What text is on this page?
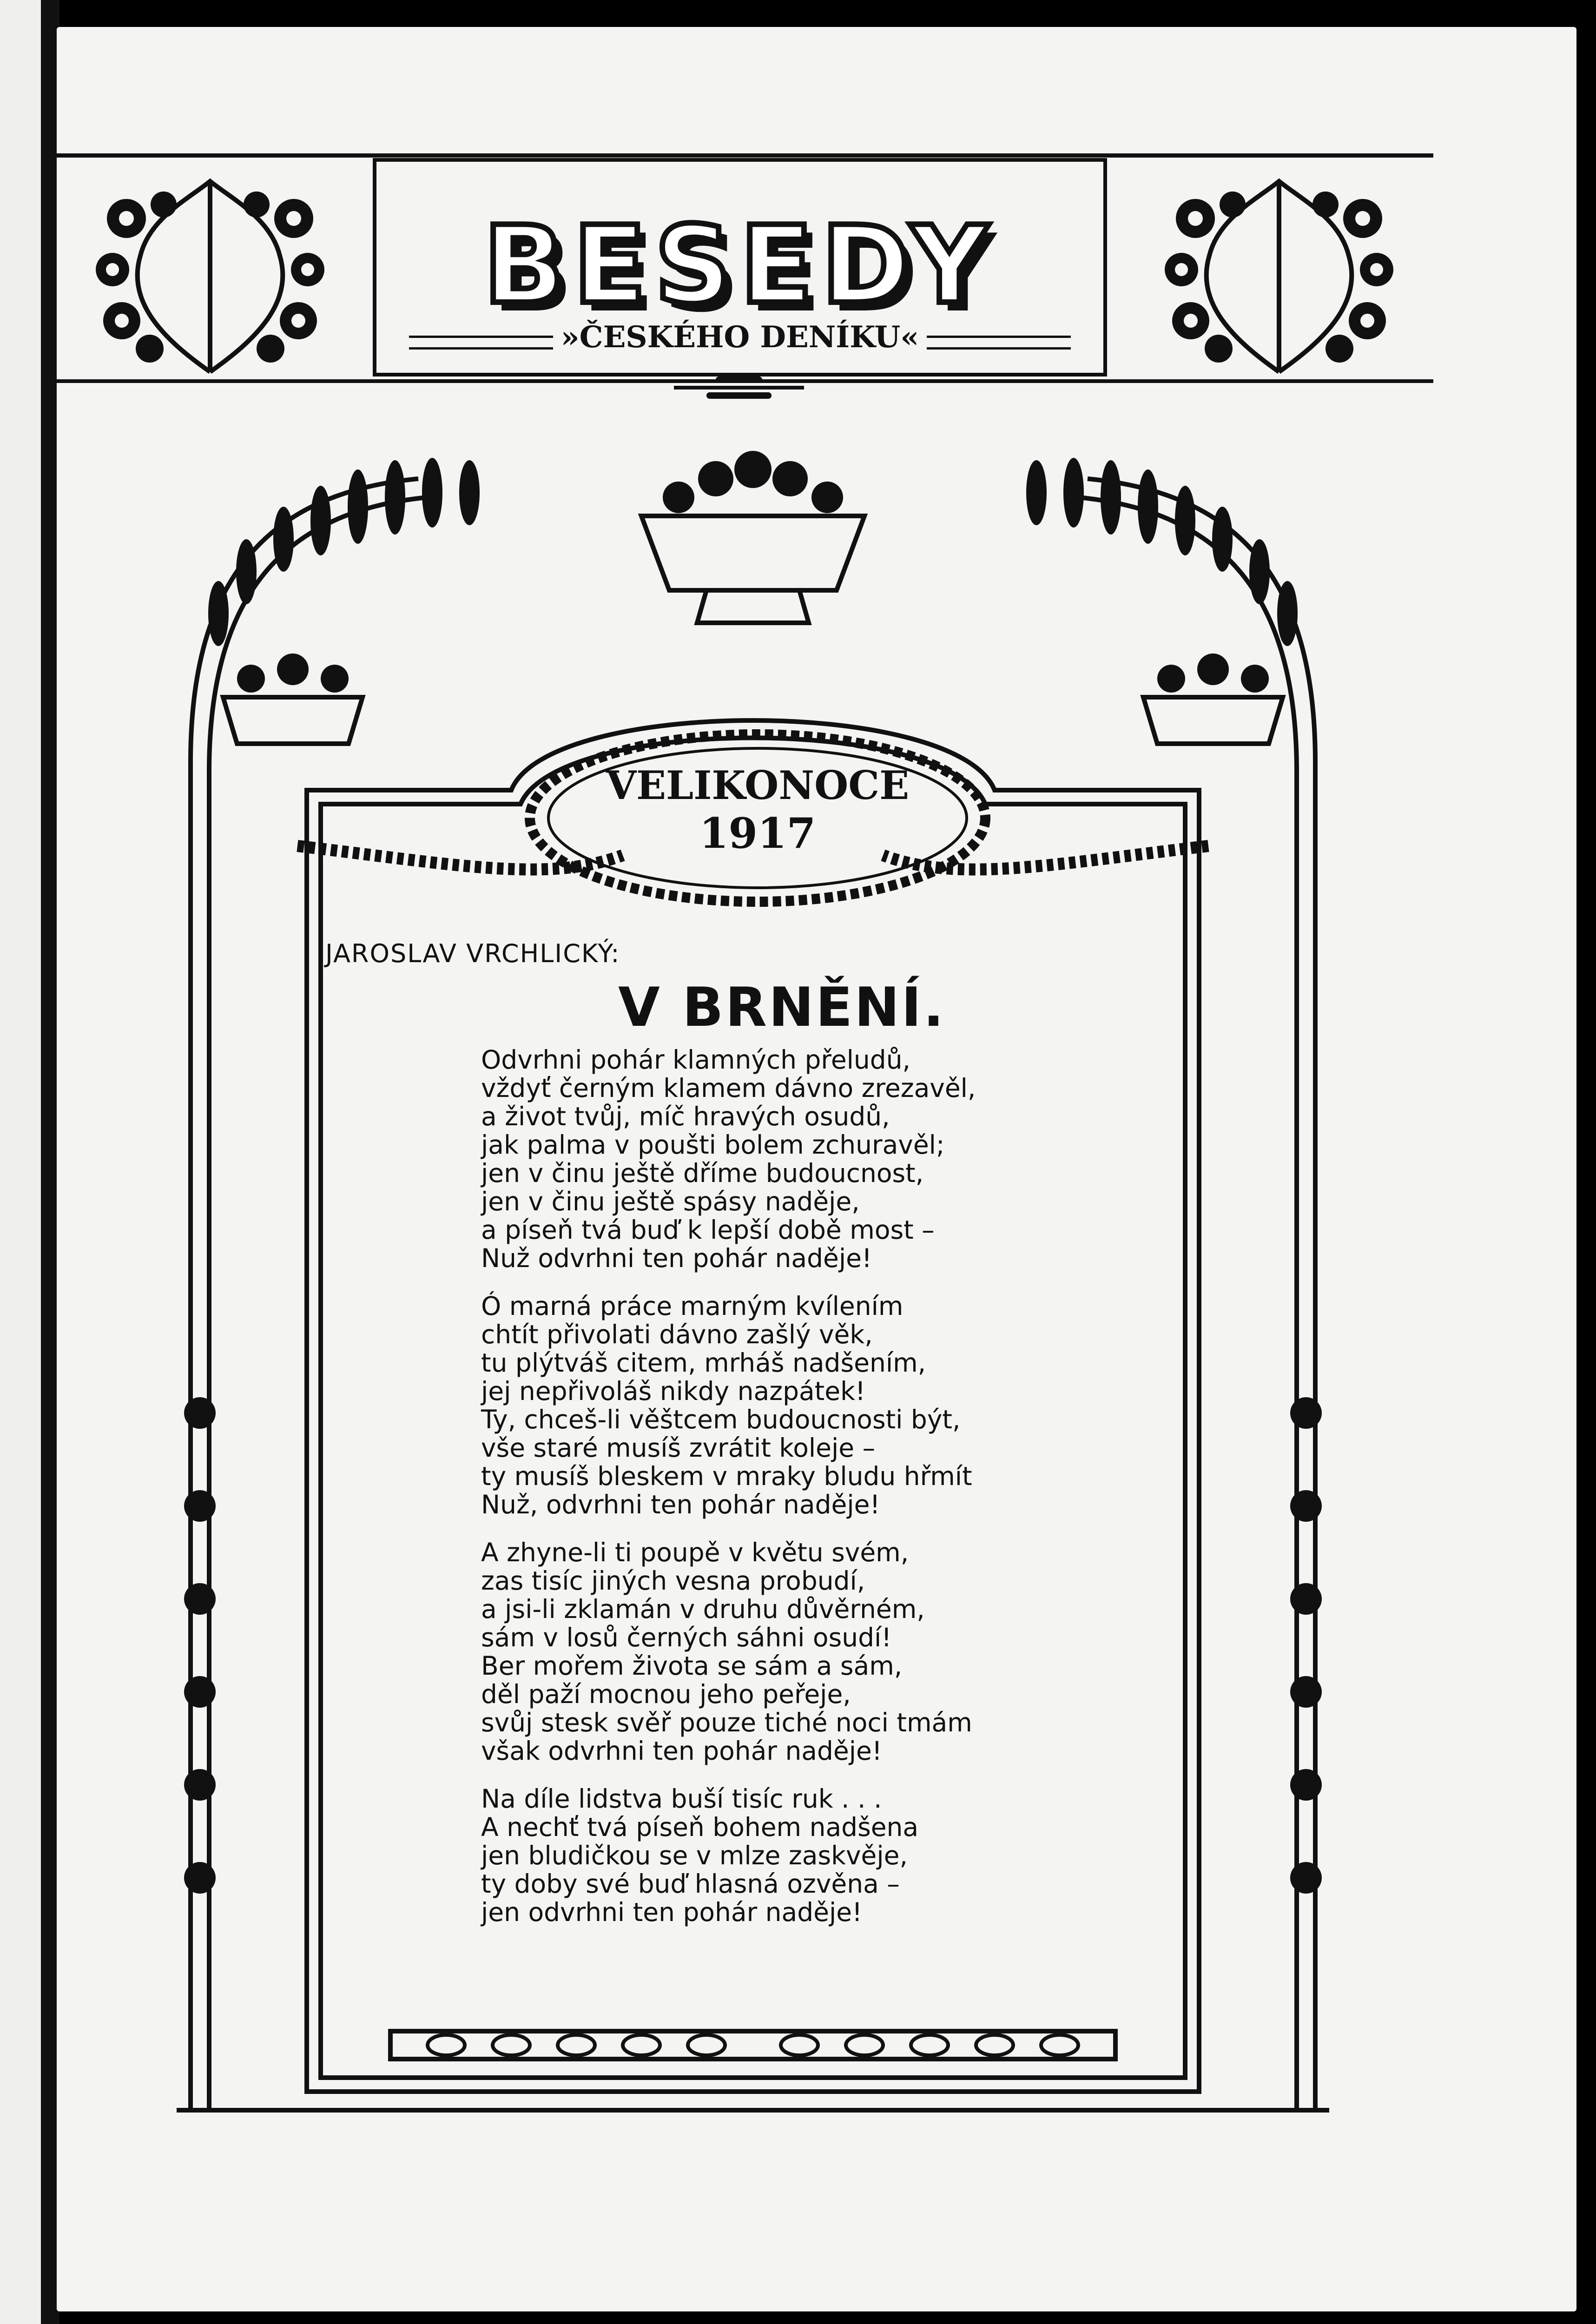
BESEDY
»ČESKÉHO DENÍKU«
VELIKONOCE
1917
JAROSLAV VRCHLICKÝ:
V BRNĚNÍ.
Odvrhni pohár klamných přeludů,
vždyť černým klamem dávno zrezavěl,
a život tvůj, míč hravých osudů,
jak palma v poušti bolem zchuravěl;
jen v činu ještě dříme budoucnost,
jen v činu ještě spásy naděje,
a píseň tvá buď k lepší době most –
Nuž odvrhni ten pohár naděje!
Ó marná práce marným kvílením
chtít přivolati dávno zašlý věk,
tu plýtváš citem, mrháš nadšením,
jej nepřivoláš nikdy nazpátek!
Ty, chceš-li věštcem budoucnosti být,
vše staré musíš zvrátit koleje –
ty musíš bleskem v mraky bludu hřmít
Nuž, odvrhni ten pohár naděje!
A zhyne-li ti poupě v květu svém,
zas tisíc jiných vesna probudí,
a jsi-li zklamán v druhu důvěrném,
sám v losů černých sáhni osudí!
Ber mořem života se sám a sám,
děl paží mocnou jeho peřeje,
svůj stesk svěř pouze tiché noci tmám
však odvrhni ten pohár naděje!
Na díle lidstva buší tisíc ruk . . .
A nechť tvá píseň bohem nadšena
jen bludičkou se v mlze zaskvěje,
ty doby své buď hlasná ozvěna –
jen odvrhni ten pohár naděje!
